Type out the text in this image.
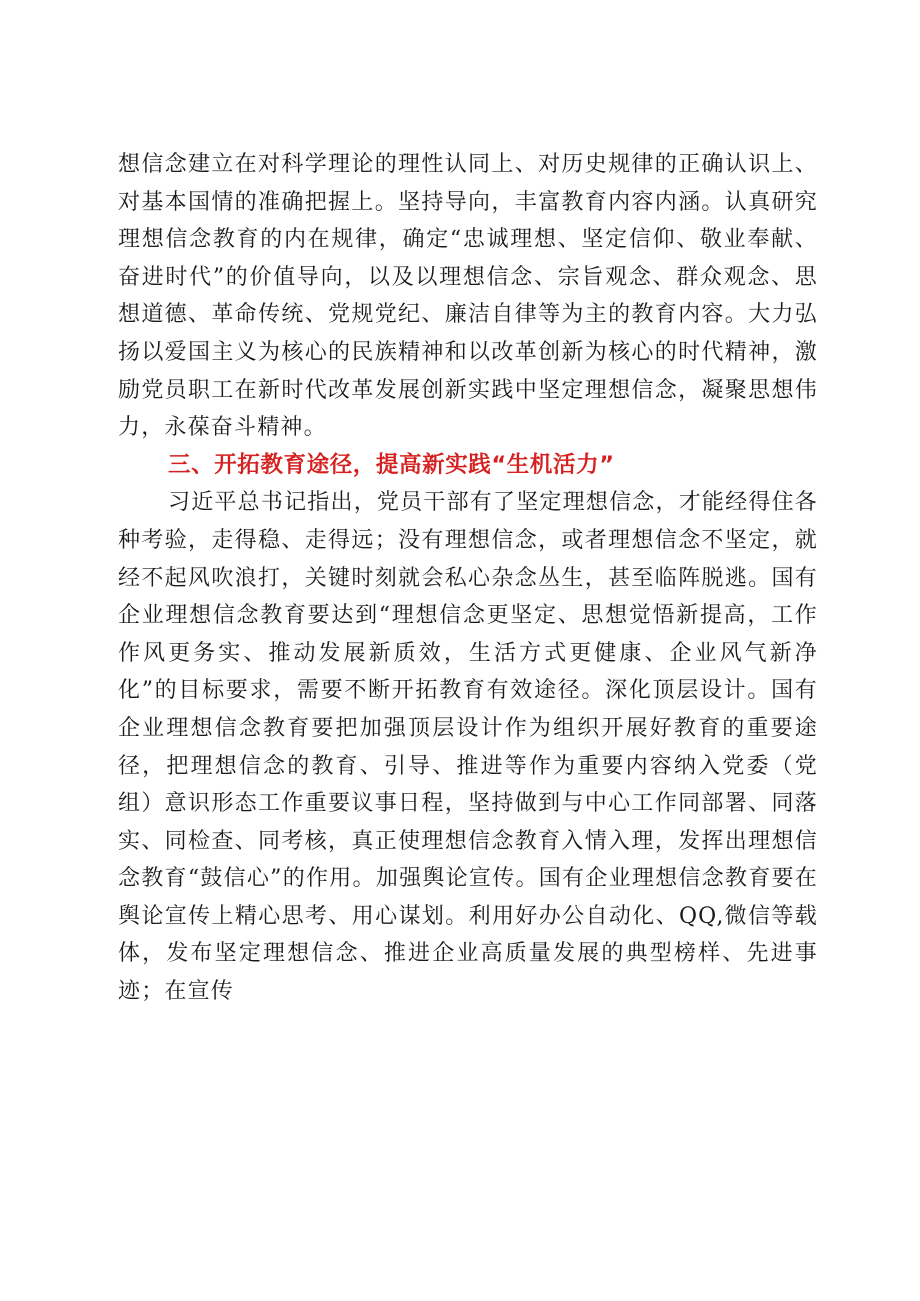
想信念建立在对科学理论的理性认同上、对历史规律的正确认识上、对基本国情的准确把握上。坚持导向，丰富教育内容内涵。认真研究理想信念教育的内在规律，确定“忠诚理想、坚定信仰、敬业奉献、奋进时代”的价值导向，以及以理想信念、宗旨观念、群众观念、思想道德、革命传统、党规党纪、廉洁自律等为主的教育内容。大力弘扬以爱国主义为核心的民族精神和以改革创新为核心的时代精神，激励党员职工在新时代改革发展创新实践中坚定理想信念，凝聚思想伟力，永葆奋斗精神。

三、开拓教育途径，提高新实践“生机活力”

习近平总书记指出，党员干部有了坚定理想信念，才能经得住各种考验，走得稳、走得远；没有理想信念，或者理想信念不坚定，就经不起风吹浪打，关键时刻就会私心杂念丛生，甚至临阵脱逃。国有企业理想信念教育要达到“理想信念更坚定、思想觉悟新提高，工作作风更务实、推动发展新质效，生活方式更健康、企业风气新净化”的目标要求，需要不断开拓教育有效途径。深化顶层设计。国有企业理想信念教育要把加强顶层设计作为组织开展好教育的重要途径，把理想信念的教育、引导、推进等作为重要内容纳入党委（党组）意识形态工作重要议事日程，坚持做到与中心工作同部署、同落实、同检查、同考核，真正使理想信念教育入情入理，发挥出理想信念教育“鼓信心”的作用。加强舆论宣传。国有企业理想信念教育要在舆论宣传上精心思考、用心谋划。利用好办公自动化、QQ,微信等载体，发布坚定理想信念、推进企业高质量发展的典型榜样、先进事迹；在宣传
